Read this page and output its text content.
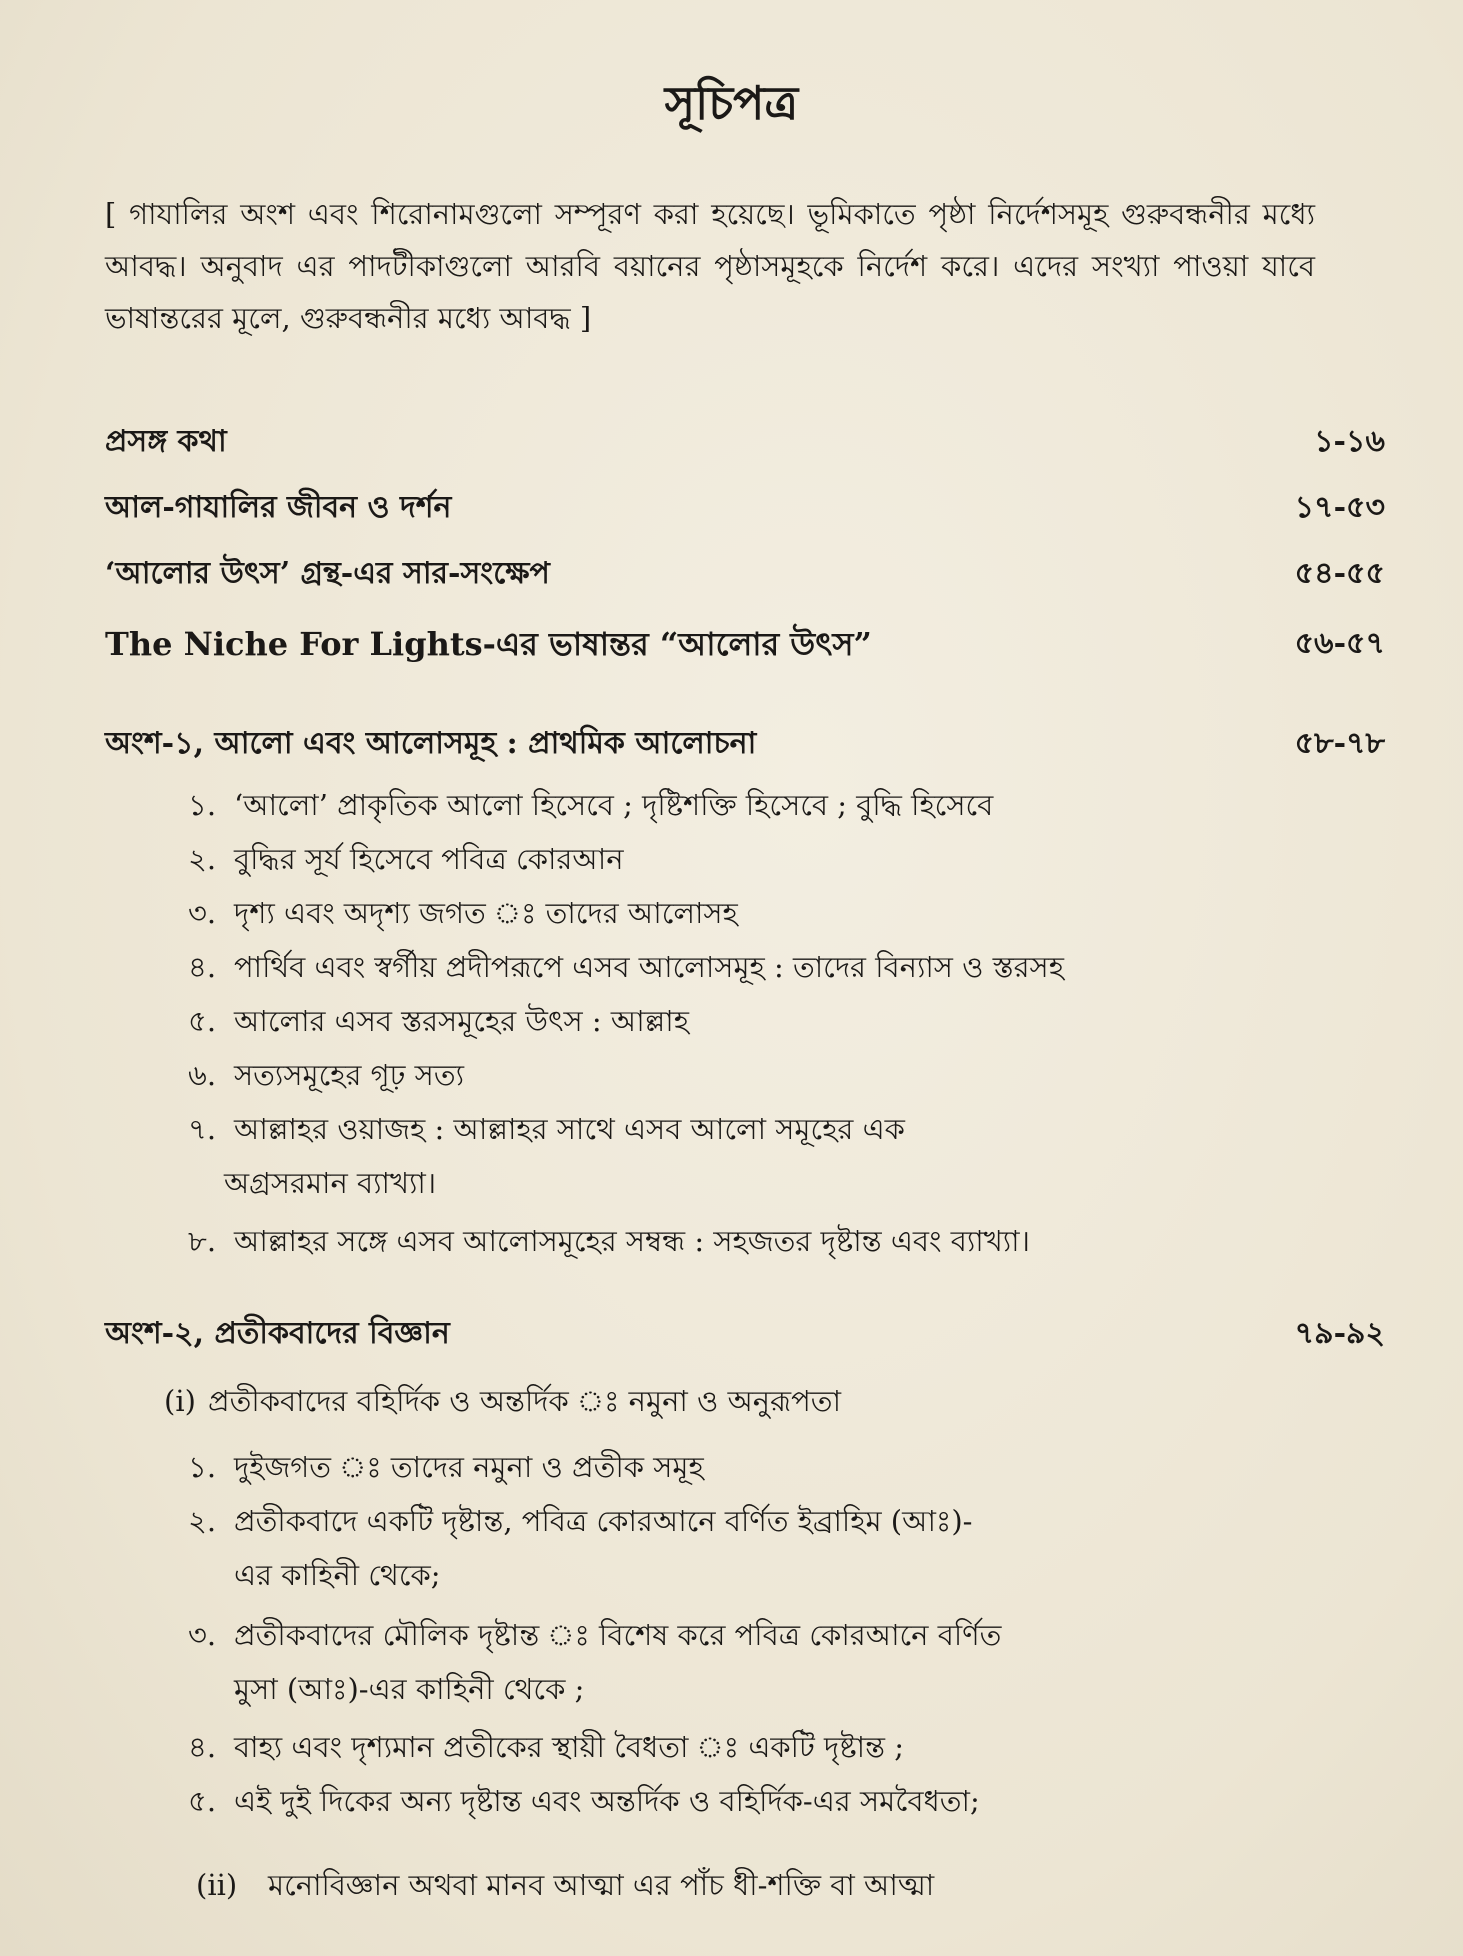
সূচিপত্র
[ গাযালির অংশ এবং শিরোনামগুলো সম্পূরণ করা হয়েছে। ভূমিকাতে পৃষ্ঠা নির্দেশসমূহ গুরুবন্ধনীর মধ্যে আবদ্ধ। অনুবাদ এর পাদটীকাগুলো আরবি বয়ানের পৃষ্ঠাসমূহকে নির্দেশ করে। এদের সংখ্যা পাওয়া যাবে ভাষান্তরের মূলে, গুরুবন্ধনীর মধ্যে আবদ্ধ ]
প্রসঙ্গ কথা	১-১৬
আল-গাযালির জীবন ও দর্শন	১৭-৫৩
‘আলোর উৎস’ গ্রন্থ-এর সার-সংক্ষেপ	৫৪-৫৫
The Niche For Lights-এর ভাষান্তর “আলোর উৎস”	৫৬-৫৭
অংশ-১, আলো এবং আলোসমূহ : প্রাথমিক আলোচনা	৫৮-৭৮
১. ‘আলো’ প্রাকৃতিক আলো হিসেবে ; দৃষ্টিশক্তি হিসেবে ; বুদ্ধি হিসেবে
২. বুদ্ধির সূর্য হিসেবে পবিত্র কোরআন
৩. দৃশ্য এবং অদৃশ্য জগত ঃ তাদের আলোসহ
৪. পার্থিব এবং স্বর্গীয় প্রদীপরূপে এসব আলোসমূহ : তাদের বিন্যাস ও স্তরসহ
৫. আলোর এসব স্তরসমূহের উৎস : আল্লাহ
৬. সত্যসমূহের গূঢ় সত্য
৭. আল্লাহর ওয়াজহ : আল্লাহর সাথে এসব আলো সমূহের এক
অগ্রসরমান ব্যাখ্যা।
৮. আল্লাহর সঙ্গে এসব আলোসমূহের সম্বন্ধ : সহজতর দৃষ্টান্ত এবং ব্যাখ্যা।
অংশ-২, প্রতীকবাদের বিজ্ঞান	৭৯-৯২
(i) প্রতীকবাদের বহির্দিক ও অন্তর্দিক ঃ নমুনা ও অনুরূপতা
১. দুইজগত ঃ তাদের নমুনা ও প্রতীক সমূহ
২. প্রতীকবাদে একটি দৃষ্টান্ত, পবিত্র কোরআনে বর্ণিত ইব্রাহিম (আঃ)-
এর কাহিনী থেকে;
৩. প্রতীকবাদের মৌলিক দৃষ্টান্ত ঃ বিশেষ করে পবিত্র কোরআনে বর্ণিত
মুসা (আঃ)-এর কাহিনী থেকে ;
৪. বাহ্য এবং দৃশ্যমান প্রতীকের স্থায়ী বৈধতা ঃ একটি দৃষ্টান্ত ;
৫. এই দুই দিকের অন্য দৃষ্টান্ত এবং অন্তর্দিক ও বহির্দিক-এর সমবৈধতা;
(ii) মনোবিজ্ঞান অথবা মানব আত্মা এর পাঁচ ধী-শক্তি বা আত্মা
